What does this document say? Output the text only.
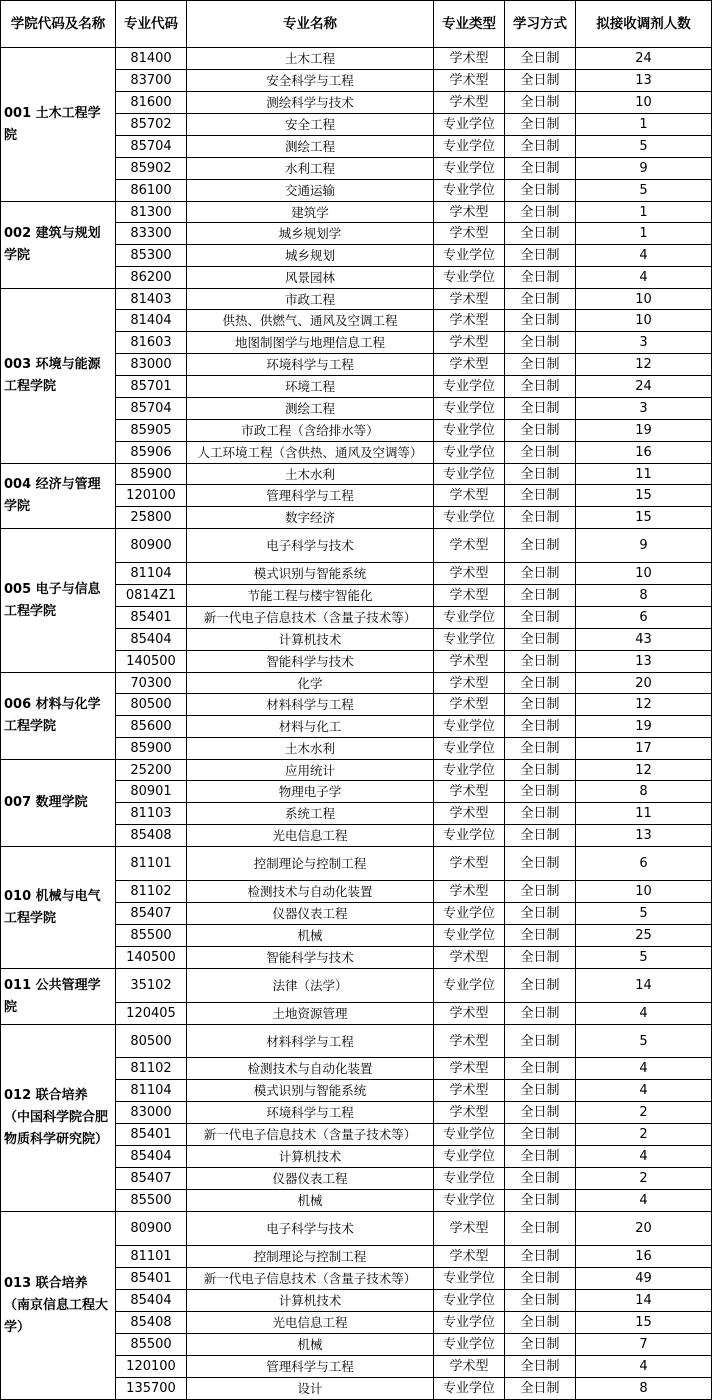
学院代码及名称	专业代码	专业名称	专业类型	学习方式	拟接收调剂人数
001 土木工程学院	81400	土木工程	学术型	全日制	24
	83700	安全科学与工程	学术型	全日制	13
	81600	测绘科学与技术	学术型	全日制	10
	85702	安全工程	专业学位	全日制	1
	85704	测绘工程	专业学位	全日制	5
	85902	水利工程	专业学位	全日制	9
	86100	交通运输	专业学位	全日制	5
002 建筑与规划学院	81300	建筑学	学术型	全日制	1
	83300	城乡规划学	学术型	全日制	1
	85300	城乡规划	专业学位	全日制	4
	86200	风景园林	专业学位	全日制	4
003 环境与能源工程学院	81403	市政工程	学术型	全日制	10
	81404	供热、供燃气、通风及空调工程	学术型	全日制	10
	81603	地图制图学与地理信息工程	学术型	全日制	3
	83000	环境科学与工程	学术型	全日制	12
	85701	环境工程	专业学位	全日制	24
	85704	测绘工程	专业学位	全日制	3
	85905	市政工程（含给排水等）	专业学位	全日制	19
	85906	人工环境工程（含供热、通风及空调等）	专业学位	全日制	16
004 经济与管理学院	85900	土木水利	专业学位	全日制	11
	120100	管理科学与工程	学术型	全日制	15
	25800	数字经济	专业学位	全日制	15
005 电子与信息工程学院	80900	电子科学与技术	学术型	全日制	9
	81104	模式识别与智能系统	学术型	全日制	10
	0814Z1	节能工程与楼宇智能化	学术型	全日制	8
	85401	新一代电子信息技术（含量子技术等）	专业学位	全日制	6
	85404	计算机技术	专业学位	全日制	43
	140500	智能科学与技术	学术型	全日制	13
006 材料与化学工程学院	70300	化学	学术型	全日制	20
	80500	材料科学与工程	学术型	全日制	12
	85600	材料与化工	专业学位	全日制	19
	85900	土木水利	专业学位	全日制	17
007 数理学院	25200	应用统计	专业学位	全日制	12
	80901	物理电子学	学术型	全日制	8
	81103	系统工程	学术型	全日制	11
	85408	光电信息工程	专业学位	全日制	13
010 机械与电气工程学院	81101	控制理论与控制工程	学术型	全日制	6
	81102	检测技术与自动化装置	学术型	全日制	10
	85407	仪器仪表工程	专业学位	全日制	5
	85500	机械	专业学位	全日制	25
	140500	智能科学与技术	学术型	全日制	5
011 公共管理学院	35102	法律（法学）	专业学位	全日制	14
	120405	土地资源管理	学术型	全日制	4
012 联合培养（中国科学院合肥物质科学研究院）	80500	材料科学与工程	学术型	全日制	5
	81102	检测技术与自动化装置	学术型	全日制	4
	81104	模式识别与智能系统	学术型	全日制	4
	83000	环境科学与工程	学术型	全日制	2
	85401	新一代电子信息技术（含量子技术等）	专业学位	全日制	2
	85404	计算机技术	专业学位	全日制	4
	85407	仪器仪表工程	专业学位	全日制	2
	85500	机械	专业学位	全日制	4
013 联合培养（南京信息工程大学）	80900	电子科学与技术	学术型	全日制	20
	81101	控制理论与控制工程	学术型	全日制	16
	85401	新一代电子信息技术（含量子技术等）	专业学位	全日制	49
	85404	计算机技术	专业学位	全日制	14
	85408	光电信息工程	专业学位	全日制	15
	85500	机械	专业学位	全日制	7
	120100	管理科学与工程	学术型	全日制	4
	135700	设计	专业学位	全日制	8
